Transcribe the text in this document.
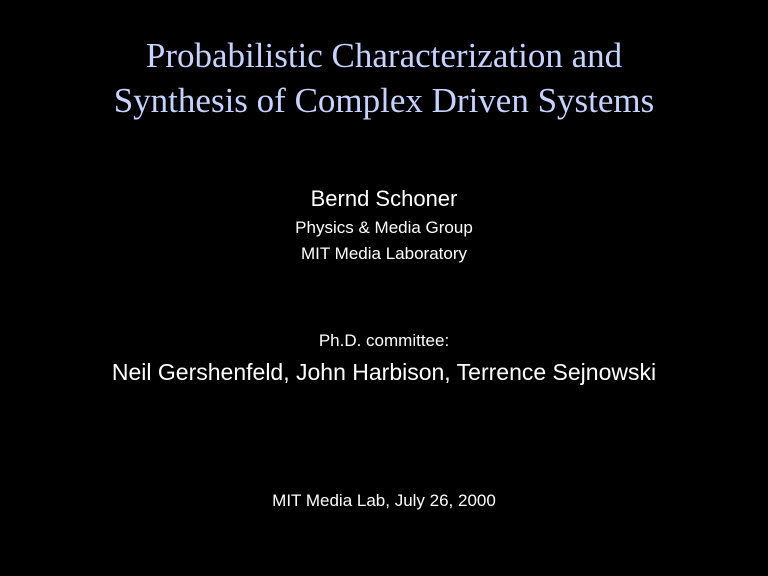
Probabilistic Characterization and
Synthesis of Complex Driven Systems
Bernd Schoner
Physics & Media Group
MIT Media Laboratory
Ph.D. committee:
Neil Gershenfeld, John Harbison, Terrence Sejnowski
MIT Media Lab, July 26, 2000
